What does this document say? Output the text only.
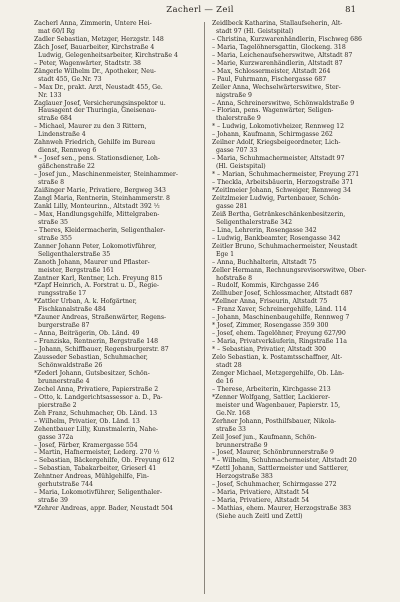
Zacherl — Zeil	81
Zacherl Anna, Zimmerin, Untere Hei-
mat 60/I Rg
Zadler Sebastian, Metzger, Herzgstr. 148
Zäch Josef, Bauarbeiter, Kirchstraße 4
Ludwig, Gelegenheitsarbeiter, Kirchstraße 4
– Peter, Wagenwärter, Stadtstr. 38
Zängerle Wilhelm Dr., Apotheker, Neu-
stadt 455, Ge.Nr. 73
– Max Dr., prakt. Arzt, Neustadt 455, Ge.
Nr. 133
Zaglauer Josef, Versicherungsinspektor u.
Hausagent der Thuringia, Gneisenau-
straße 684
– Michael, Maurer zu den 3 Rittern,
Lindenstraße 4
Zahnweh Friedrich, Gehilfe im Bureau
dienst, Rennweg 6
* – Josef sen., pens. Stationsdiener, Loh-
gäßchenstraße 22
– Josef jun., Maschinenmeister, Steinhammer-
straße 8
Zaißinger Marie, Privatiere, Bergweg 343
Zangl Maria, Rentnerin, Steinhammerstr. 8
Zankl Lilly, Monteurinn., Altstadt 392 ½
– Max, Handlungsgehilfe, Mittelgraben-
straße 35
– Theres, Kleidermacherin, Seligenthaler-
straße 355
Zanner Johann Peter, Lokomotivführer,
Seligenthalerstraße 35
Zanoth Johann, Maurer und Pflaster-
meister, Bergstraße 161
Zantner Karl, Rentner, Lch. Freyung 815
*Zapf Heinrich, A. Forstrat u. D., Regie-
rungsstraße 17
*Zattler Urban, A. k. Hofgärtner,
Fischkanalstraße 484
*Zauner Andreas, Straßenwärter, Regens-
burgerstraße 87
– Anna, Beiträgerin, Ob. Länd. 49
– Franziska, Rentnerin, Bergstraße 148
– Johann, Schiffbauer, Regensburgerstr. 87
Zausseder Sebastian, Schuhmacher,
Schönwaldstraße 26
*Zederl Johann, Gutsbesitzer, Schön-
brunnerstraße 4
Zechel Anna, Privatiere, Papierstraße 2
– Otto, k. Landgerichtsassessor a. D., Pa-
pierstraße 2
Zeh Franz, Schuhmacher, Ob. Länd. 13
– Wilhelm, Privatier, Ob. Länd. 13
Zehentbauer Lilly, Kunstmalerin, Nahe-
gasse 372a
– Josef, Färber, Kramergasse 554
– Martin, Hafnermeister, Lederg. 270 ½
– Sebastian, Bäckergehilfe, Ob. Freyung 612
– Sebastian, Tabakarbeiter, Grieserl 41
Zehntner Andreas, Mühlgehilfe, Fin-
gerhutstraße 744
– Maria, Lokomotivführer, Seligenthaler-
straße 39
*Zehrer Andreas, appr. Bader, Neustadt 504
Zeidlbeck Katharina, Stallaufseherin, Alt-
stadt 97 (Hl. Geistspital)
– Christina, Kurzwarenhändlerin, Fischweg 686
– Maria, Tagelöhnersgattin, Glockeng. 318
– Maria, Leichenaufseherswitwe, Altstadt 87
– Marie, Kurzwarenhändlerin, Altstadt 87
– Max, Schlossermeister, Altstadt 264
– Paul, Fuhrmann, Fischergasse 687
Zeiler Anna, Wechselwärterswitwe, Ster-
nigstraße 9
– Anna, Schreinerswitwe, Schönwaldstraße 9
– Florian, pens. Wagenwärter, Seligen-
thalerstraße 9
* – Ludwig, Lokomotivheizer, Rennweg 12
– Johann, Kaufmann, Schirmgasse 262
Zeilner Adolf, Kriegsbeigeordneter, Lich-
gasse 707 33
– Maria, Schuhmachermeister, Altstadt 97
(Hl. Geistspital)
* – Marian, Schuhmachermeister, Freyung 271
– Theckla, Arbeitsbäuerin, Herzogstraße 371
*Zeitlmeier Johann, Schweiger, Rennweg 34
Zeitzlmeier Ludwig, Partenbauer, Schön-
gasse 281
Zeiß Bertha, Getränkeschänkenbesitzerin,
Seligenthalerstraße 342
– Lina, Lehrerin, Rosengasse 342
– Ludwig, Bankbeamter, Rosengasse 342
Zeitler Bruno, Schuhmachermeister, Neustadt
Ege 1
– Anna, Buchhalterin, Altstadt 75
Zeller Hermann, Rechnungsrevisorswitwe, Ober-
hofstraße 8
– Rudolf, Kommis, Kirchgasse 246
Zellhuber Josef, Schlossmacher, Altstadt 687
*Zellner Anna, Friseurin, Altstadt 75
– Franz Xaver, Schreinergehilfe, Länd. 114
– Johann, Maschinenbaugehilfe, Rennweg 7
* Josef, Zimmer, Rosengasse 359 300
– Josef, ehem. Tagelöhner, Freyung 627/90
– Maria, Privatverkäuferin, Ringstraße 11a
* – Sebastian, Privatier, Altstadt 300
Zelo Sebastian, k. Postamtsschaffner, Alt-
stadt 28
Zenger Michael, Metzgergehilfe, Ob. Län-
de 16
– Therese, Arbeiterin, Kirchgasse 213
*Zenner Wolfgang, Sattler, Lackierer-
meister und Wagenbauer, Papierstr. 15,
Ge.Nr. 168
Zerhner Johann, Posthilfsbauer, Nikola-
straße 33
Zeil Josef jun., Kaufmann, Schön-
brunnerstraße 9
– Josef, Maurer, Schönbrunnerstraße 9
* – Wilhelm, Schuhmachermeister, Altstadt 20
*Zettl Johann, Sattlermeister und Sattlerer,
Herzogstraße 383
– Josef, Schuhmacher, Schirmgasse 272
– Maria, Privatiere, Altstadt 54
– Maria, Privatiere, Altstadt 54
– Mathias, ehem. Maurer, Herzogstraße 383
(Siehe auch Zeitl und Zettl)
